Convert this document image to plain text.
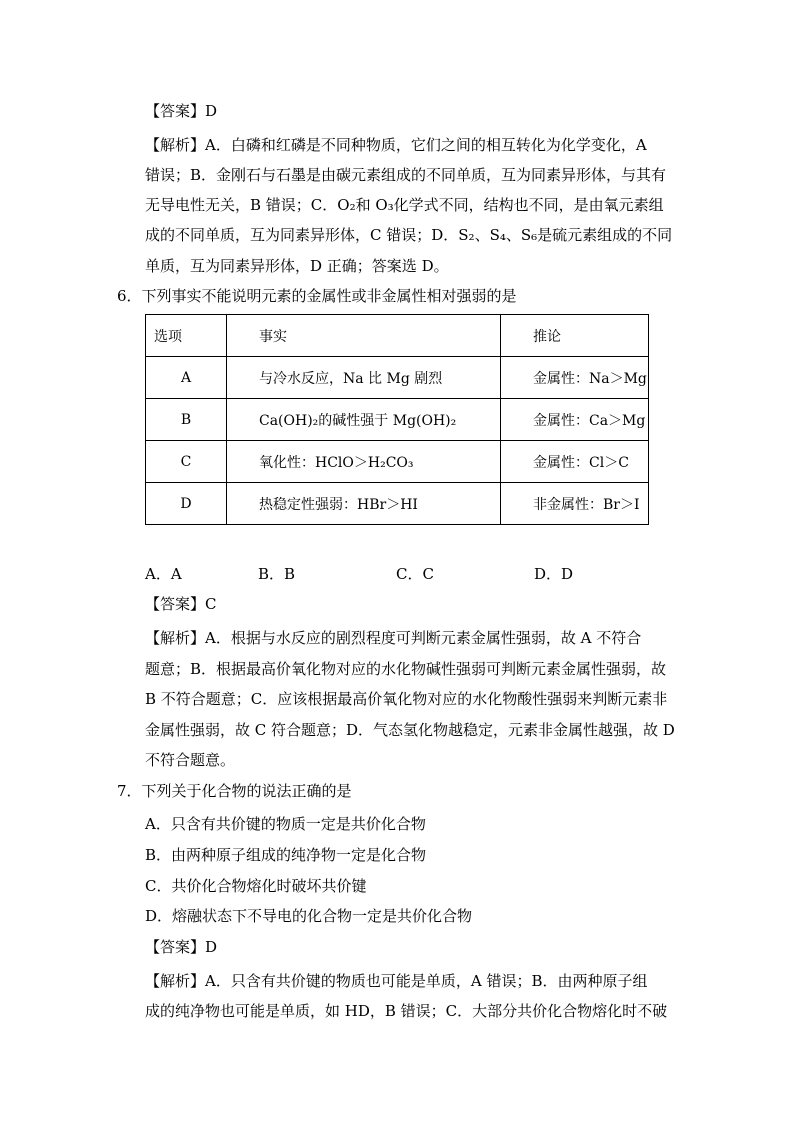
【答案】D
【解析】A．白磷和红磷是不同种物质，它们之间的相互转化为化学变化，A
错误；B．金刚石与石墨是由碳元素组成的不同单质，互为同素异形体，与其有
无导电性无关，B 错误；C．O₂和 O₃化学式不同，结构也不同，是由氧元素组
成的不同单质，互为同素异形体，C 错误；D．S₂、S₄、S₆是硫元素组成的不同
单质，互为同素异形体，D 正确；答案选 D。
6．下列事实不能说明元素的金属性或非金属性相对强弱的是
选项	事实	推论
A	与冷水反应，Na 比 Mg 剧烈	金属性：Na＞Mg
B	Ca(OH)₂的碱性强于 Mg(OH)₂	金属性：Ca＞Mg
C	氧化性：HClO＞H₂CO₃	金属性：Cl＞C
D	热稳定性强弱：HBr＞HI	非金属性：Br＞I
A．A	B．B	C．C	D．D
【答案】C
【解析】A．根据与水反应的剧烈程度可判断元素金属性强弱，故 A 不符合
题意；B．根据最高价氧化物对应的水化物碱性强弱可判断元素金属性强弱，故
B 不符合题意；C．应该根据最高价氧化物对应的水化物酸性强弱来判断元素非
金属性强弱，故 C 符合题意；D．气态氢化物越稳定，元素非金属性越强，故 D
不符合题意。
7．下列关于化合物的说法正确的是
A．只含有共价键的物质一定是共价化合物
B．由两种原子组成的纯净物一定是化合物
C．共价化合物熔化时破坏共价键
D．熔融状态下不导电的化合物一定是共价化合物
【答案】D
【解析】A．只含有共价键的物质也可能是单质，A 错误；B．由两种原子组
成的纯净物也可能是单质，如 HD，B 错误；C．大部分共价化合物熔化时不破
